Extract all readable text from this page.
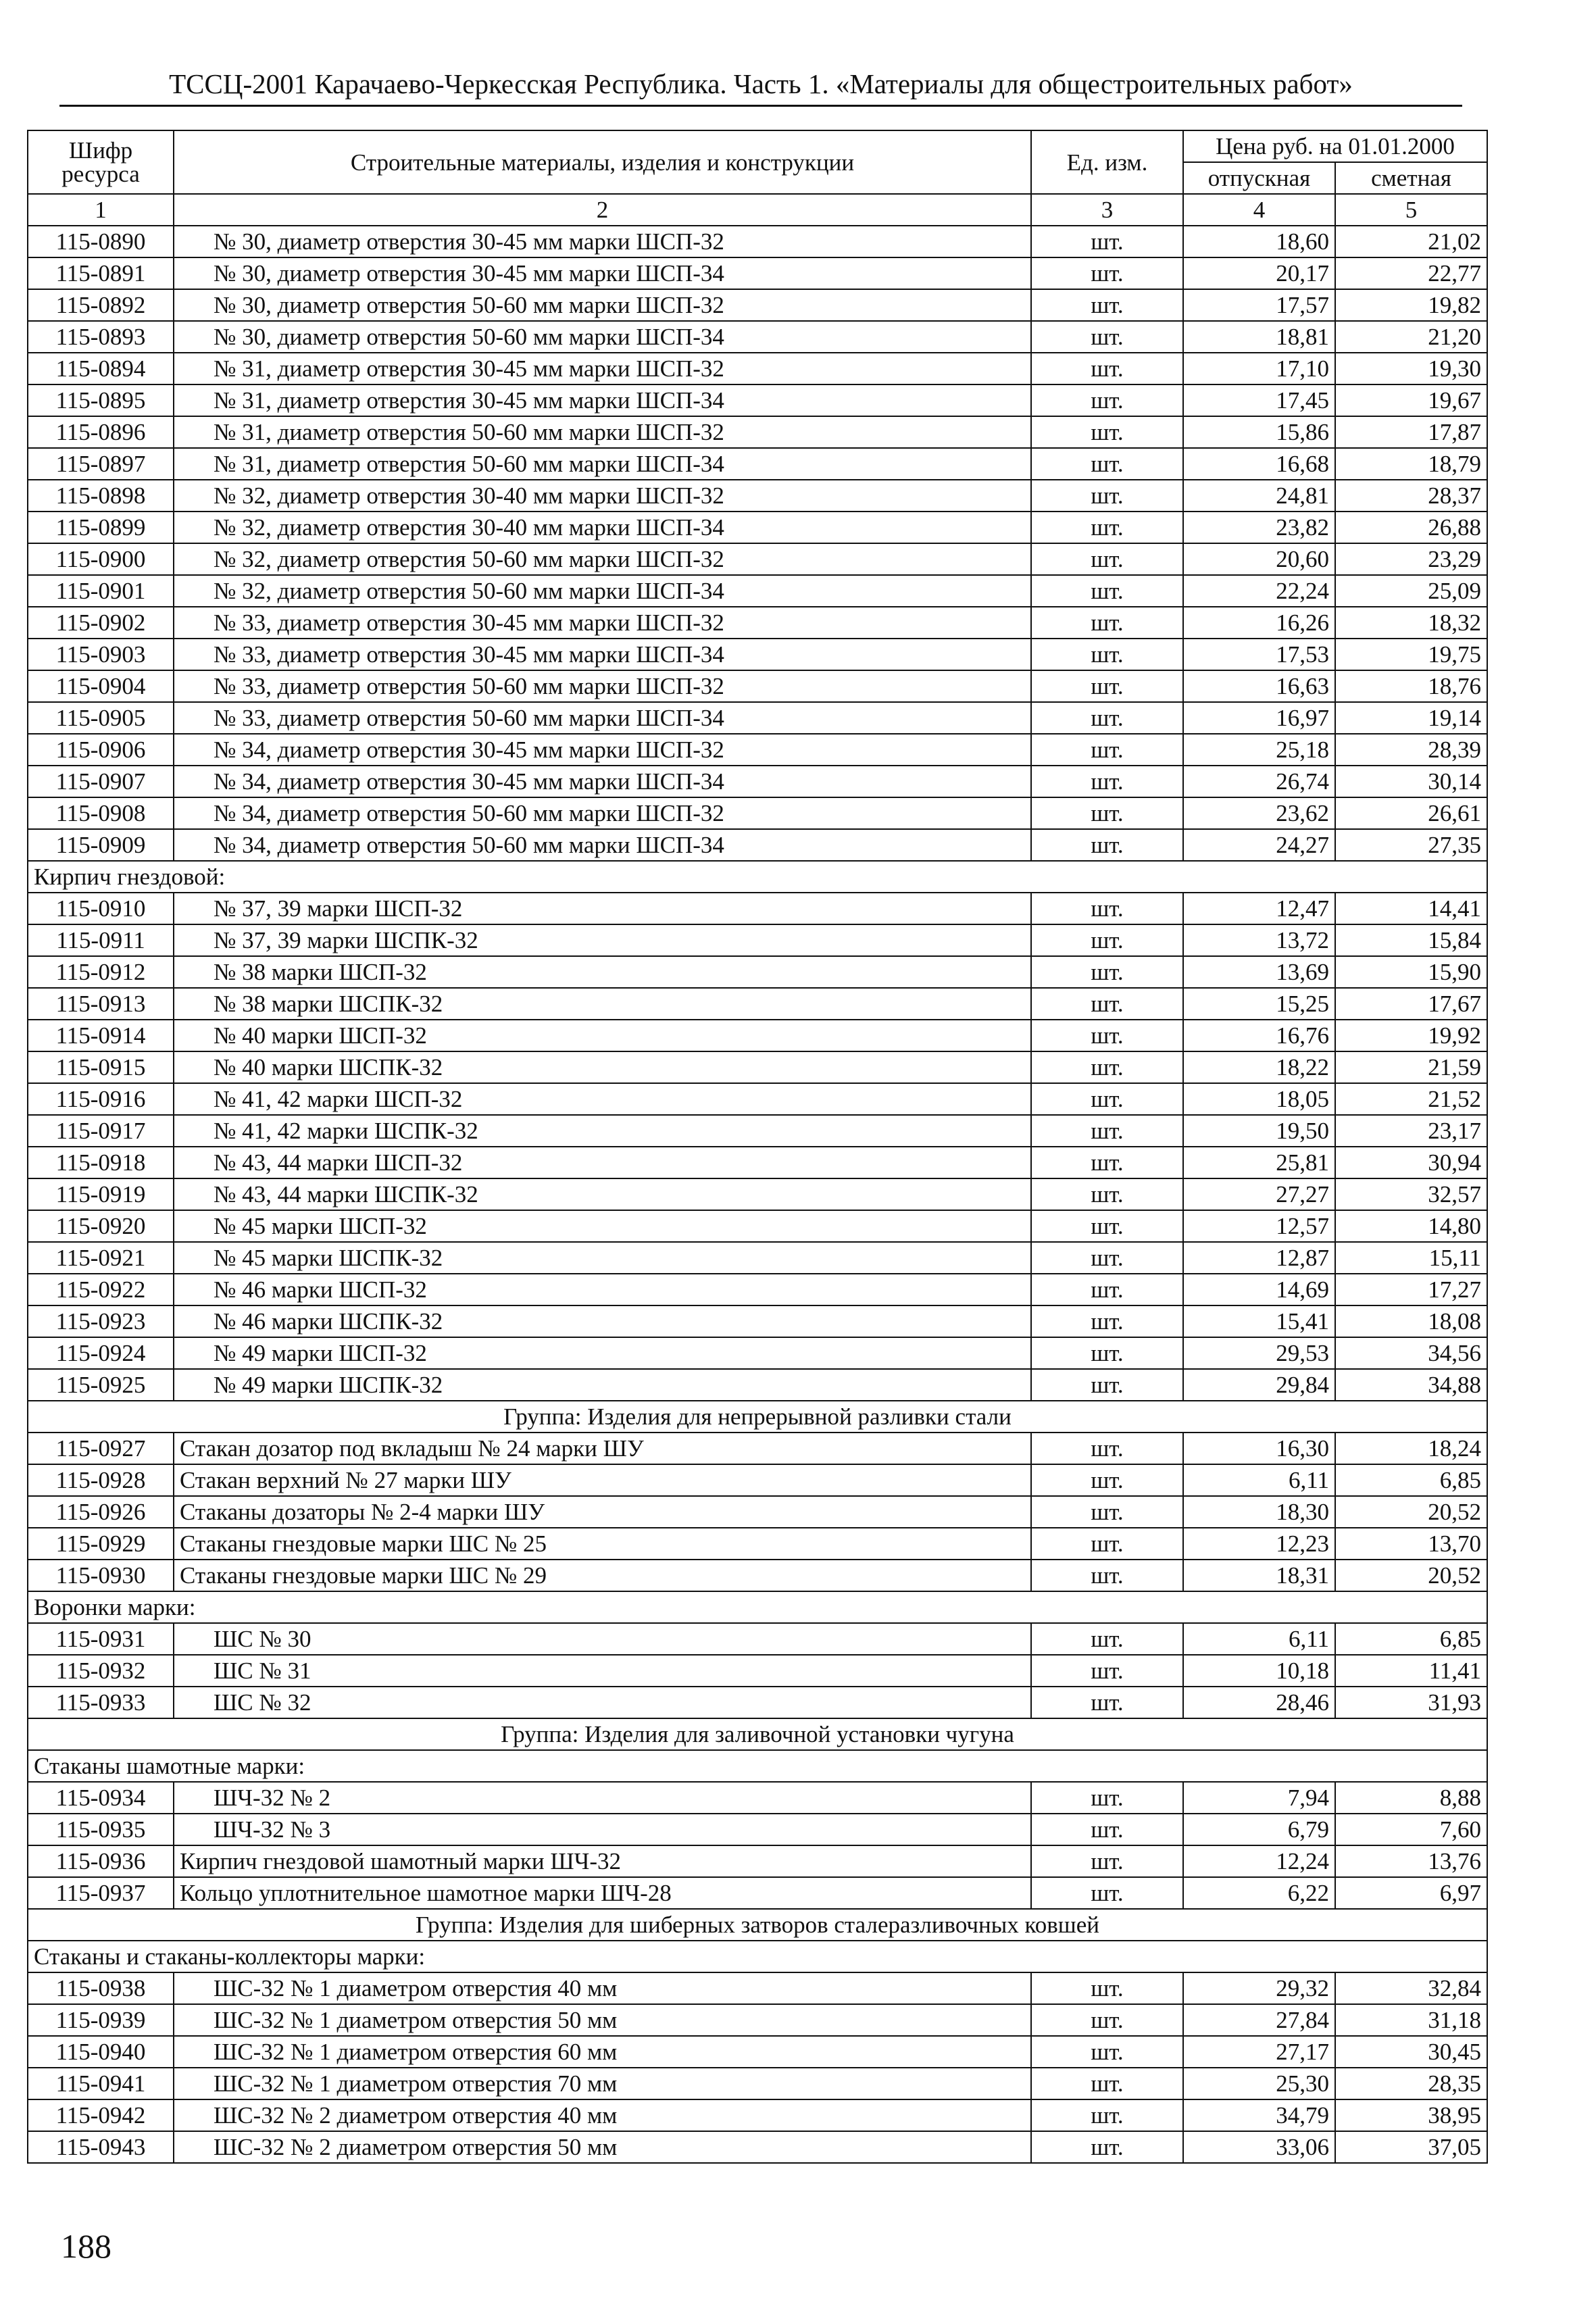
ТССЦ-2001 Карачаево-Черкесская Республика. Часть 1. «Материалы для общестроительных работ»
Шифр ресурса	Строительные материалы, изделия и конструкции	Ед. изм.	Цена руб. на 01.01.2000	
			отпускная	сметная
1	2	3	4	5
115-0890	№ 30, диаметр отверстия 30-45 мм марки ШСП-32	шт.	18,60	21,02
115-0891	№ 30, диаметр отверстия 30-45 мм марки ШСП-34	шт.	20,17	22,77
115-0892	№ 30, диаметр отверстия 50-60 мм марки ШСП-32	шт.	17,57	19,82
115-0893	№ 30, диаметр отверстия 50-60 мм марки ШСП-34	шт.	18,81	21,20
115-0894	№ 31, диаметр отверстия 30-45 мм марки ШСП-32	шт.	17,10	19,30
115-0895	№ 31, диаметр отверстия 30-45 мм марки ШСП-34	шт.	17,45	19,67
115-0896	№ 31, диаметр отверстия 50-60 мм марки ШСП-32	шт.	15,86	17,87
115-0897	№ 31, диаметр отверстия 50-60 мм марки ШСП-34	шт.	16,68	18,79
115-0898	№ 32, диаметр отверстия 30-40 мм марки ШСП-32	шт.	24,81	28,37
115-0899	№ 32, диаметр отверстия 30-40 мм марки ШСП-34	шт.	23,82	26,88
115-0900	№ 32, диаметр отверстия 50-60 мм марки ШСП-32	шт.	20,60	23,29
115-0901	№ 32, диаметр отверстия 50-60 мм марки ШСП-34	шт.	22,24	25,09
115-0902	№ 33, диаметр отверстия 30-45 мм марки ШСП-32	шт.	16,26	18,32
115-0903	№ 33, диаметр отверстия 30-45 мм марки ШСП-34	шт.	17,53	19,75
115-0904	№ 33, диаметр отверстия 50-60 мм марки ШСП-32	шт.	16,63	18,76
115-0905	№ 33, диаметр отверстия 50-60 мм марки ШСП-34	шт.	16,97	19,14
115-0906	№ 34, диаметр отверстия 30-45 мм марки ШСП-32	шт.	25,18	28,39
115-0907	№ 34, диаметр отверстия 30-45 мм марки ШСП-34	шт.	26,74	30,14
115-0908	№ 34, диаметр отверстия 50-60 мм марки ШСП-32	шт.	23,62	26,61
115-0909	№ 34, диаметр отверстия 50-60 мм марки ШСП-34	шт.	24,27	27,35
Кирпич гнездовой:				
115-0910	№ 37, 39 марки ШСП-32	шт.	12,47	14,41
115-0911	№ 37, 39 марки ШСПК-32	шт.	13,72	15,84
115-0912	№ 38 марки ШСП-32	шт.	13,69	15,90
115-0913	№ 38 марки ШСПК-32	шт.	15,25	17,67
115-0914	№ 40 марки ШСП-32	шт.	16,76	19,92
115-0915	№ 40 марки ШСПК-32	шт.	18,22	21,59
115-0916	№ 41, 42 марки ШСП-32	шт.	18,05	21,52
115-0917	№ 41, 42 марки ШСПК-32	шт.	19,50	23,17
115-0918	№ 43, 44 марки ШСП-32	шт.	25,81	30,94
115-0919	№ 43, 44 марки ШСПК-32	шт.	27,27	32,57
115-0920	№ 45 марки ШСП-32	шт.	12,57	14,80
115-0921	№ 45 марки ШСПК-32	шт.	12,87	15,11
115-0922	№ 46 марки ШСП-32	шт.	14,69	17,27
115-0923	№ 46 марки ШСПК-32	шт.	15,41	18,08
115-0924	№ 49 марки ШСП-32	шт.	29,53	34,56
115-0925	№ 49 марки ШСПК-32	шт.	29,84	34,88
Группа: Изделия для непрерывной разливки стали				
115-0927	Стакан дозатор под вкладыш № 24 марки ШУ	шт.	16,30	18,24
115-0928	Стакан верхний № 27 марки ШУ	шт.	6,11	6,85
115-0926	Стаканы дозаторы № 2-4 марки ШУ	шт.	18,30	20,52
115-0929	Стаканы гнездовые марки ШС № 25	шт.	12,23	13,70
115-0930	Стаканы гнездовые марки ШС № 29	шт.	18,31	20,52
Воронки марки:				
115-0931	ШС № 30	шт.	6,11	6,85
115-0932	ШС № 31	шт.	10,18	11,41
115-0933	ШС № 32	шт.	28,46	31,93
Группа: Изделия для заливочной установки чугуна				
Стаканы шамотные марки:				
115-0934	ШЧ-32 № 2	шт.	7,94	8,88
115-0935	ШЧ-32 № 3	шт.	6,79	7,60
115-0936	Кирпич гнездовой шамотный марки ШЧ-32	шт.	12,24	13,76
115-0937	Кольцо уплотнительное шамотное марки ШЧ-28	шт.	6,22	6,97
Группа: Изделия для шиберных затворов сталеразливочных ковшей				
Стаканы и стаканы-коллекторы марки:				
115-0938	ШС-32 № 1 диаметром отверстия 40 мм	шт.	29,32	32,84
115-0939	ШС-32 № 1 диаметром отверстия 50 мм	шт.	27,84	31,18
115-0940	ШС-32 № 1 диаметром отверстия 60 мм	шт.	27,17	30,45
115-0941	ШС-32 № 1 диаметром отверстия 70 мм	шт.	25,30	28,35
115-0942	ШС-32 № 2 диаметром отверстия 40 мм	шт.	34,79	38,95
115-0943	ШС-32 № 2 диаметром отверстия 50 мм	шт.	33,06	37,05
188
